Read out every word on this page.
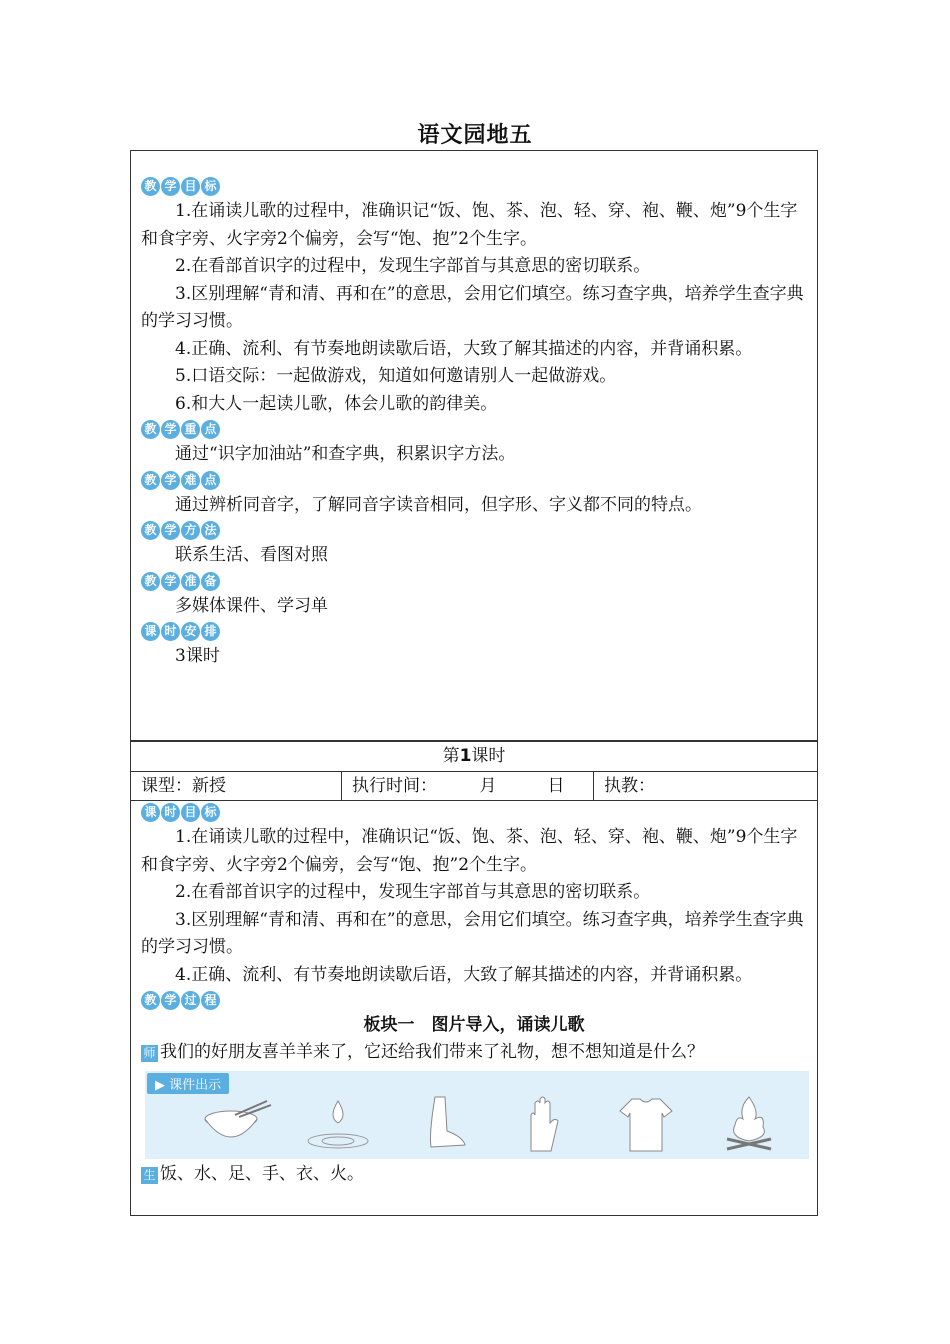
语文园地五
教 学 目 标

1.在诵读儿歌的过程中，准确识记“饭、饱、茶、泡、轻、穿、袍、鞭、炮”9个生字和食字旁、火字旁2个偏旁，会写“饱、抱”2个生字。

2.在看部首识字的过程中，发现生字部首与其意思的密切联系。

3.区别理解“青和清、再和在”的意思，会用它们填空。练习查字典，培养学生查字典的学习习惯。

4.正确、流利、有节奏地朗读歇后语，大致了解其描述的内容，并背诵积累。

5.口语交际：一起做游戏，知道如何邀请别人一起做游戏。

6.和大人一起读儿歌，体会儿歌的韵律美。

教 学 重 点

通过“识字加油站”和查字典，积累识字方法。

教 学 难 点

通过辨析同音字，了解同音字读音相同，但字形、字义都不同的特点。

教 学 方 法

联系生活、看图对照

教 学 准 备

多媒体课件、学习单

课 时 安 排

3课时

第1课时
课型：新授	执行时间：　　　月　　　日	执教：
课 时 目 标

1.在诵读儿歌的过程中，准确识记“饭、饱、茶、泡、轻、穿、袍、鞭、炮”9个生字和食字旁、火字旁2个偏旁，会写“饱、抱”2个生字。

2.在看部首识字的过程中，发现生字部首与其意思的密切联系。

3.区别理解“青和清、再和在”的意思，会用它们填空。练习查字典，培养学生查字典的学习习惯。

4.正确、流利、有节奏地朗读歇后语，大致了解其描述的内容，并背诵积累。

教 学 过 程
板块一　图片导入，诵读儿歌

师 我们的好朋友喜羊羊来了，它还给我们带来了礼物，想不想知道是什么？

▶ 课件出示

生 饭、水、足、手、衣、火。
